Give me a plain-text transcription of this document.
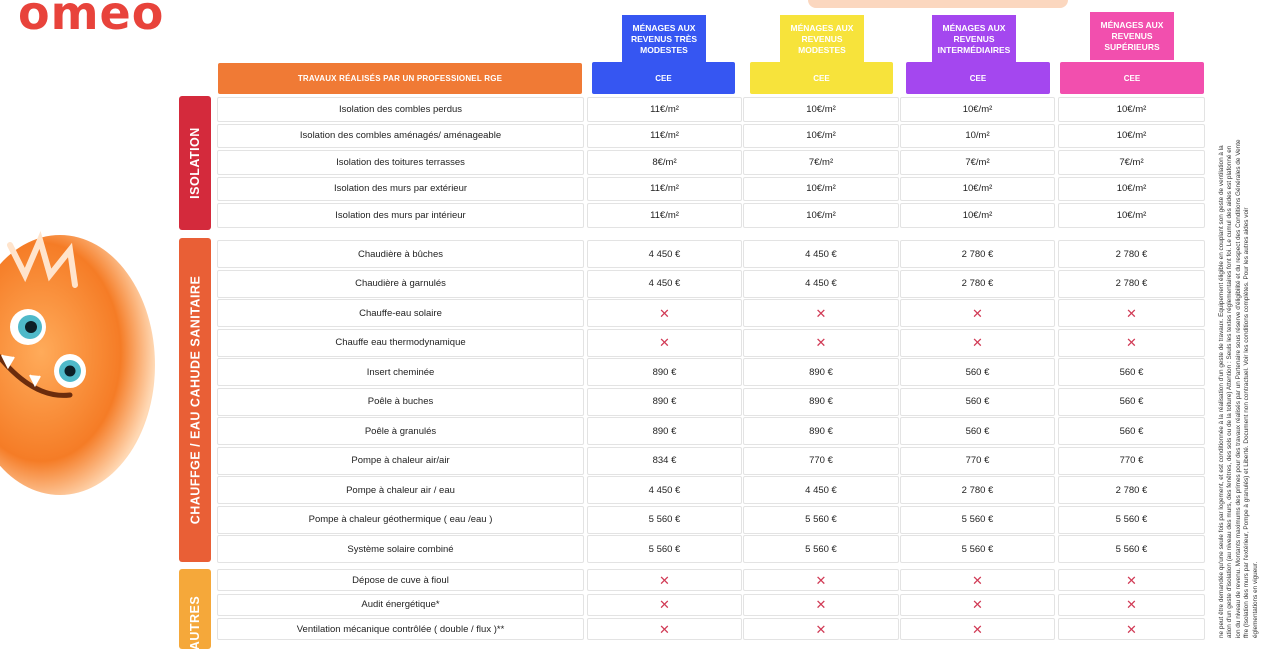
omeo	MÉNAGES AUX REVENUS TRÈS MODESTES
MÉNAGES AUX REVENUS MODESTES
MÉNAGES AUX REVENUS INTERMÉDIAIRES
MÉNAGES AUX REVENUS SUPÉRIEURS
TRAVAUX RÉALISÉS PAR UN PROFESSIONEL RGE	CEE	CEE	CEE	CEE
ISOLATION
CHAUFFGE / EAU CAHUDE SANITAIRE
AUTRES
Isolation des combles perdus	11€/m²	10€/m²	10€/m²	10€/m²
Isolation des combles aménagés/ aménageable	11€/m²	10€/m²	10/m²	10€/m²
Isolation des toitures terrasses	8€/m²	7€/m²	7€/m²	7€/m²
Isolation des murs par extérieur	11€/m²	10€/m²	10€/m²	10€/m²
Isolation des murs par intérieur	11€/m²	10€/m²	10€/m²	10€/m²
Chaudière à bûches	4 450 €	4 450 €	2 780 €	2 780 €
Chaudière à garnulés	4 450 €	4 450 €	2 780 €	2 780 €
Chauffe-eau solaire	✕	✕	✕	✕
Chauffe eau thermodynamique	✕	✕	✕	✕
Insert cheminée	890 €	890 €	560 €	560 €
Poêle à buches	890 €	890 €	560 €	560 €
Poêle à granulés	890 €	890 €	560 €	560 €
Pompe à chaleur air/air	834 €	770 €	770 €	770 €
Pompe à chaleur air / eau	4 450 €	4 450 €	2 780 €	2 780 €
Pompe à chaleur géothermique ( eau /eau )	5 560 €	5 560 €	5 560 €	5 560 €
Système solaire combiné	5 560 €	5 560 €	5 560 €	5 560 €
Dépose de cuve à fioul	✕	✕	✕	✕
Audit énergétique*	✕	✕	✕	✕
Ventilation mécanique contrôlée ( double / flux )**	✕	✕	✕	✕	ne peut être demandée qu'une seule fois par logement, et est conditionnée à la réalisation d'un geste de travaux. Équipement éligible en couplant son geste de ventilation à la ation d'un geste d'isolation (au niveau des murs, des fenêtres, des sols ou de la toiture) Attention : Seuls les textes réglementaires font foi. Le cumul des aides est plafonné en ion du niveau de revenu. Montants maximums des primes pour des travaux réalisés par un Partenaire sous réserve d'éligibilité et du respect des Conditions Générales de Vente ffre (Isolation des murs par l'extérieur, Pompe à granulés) et Liberté. Document non contractuel. Voir les conditions complètes. Pour les autres aides voir églementations en vigueur.
